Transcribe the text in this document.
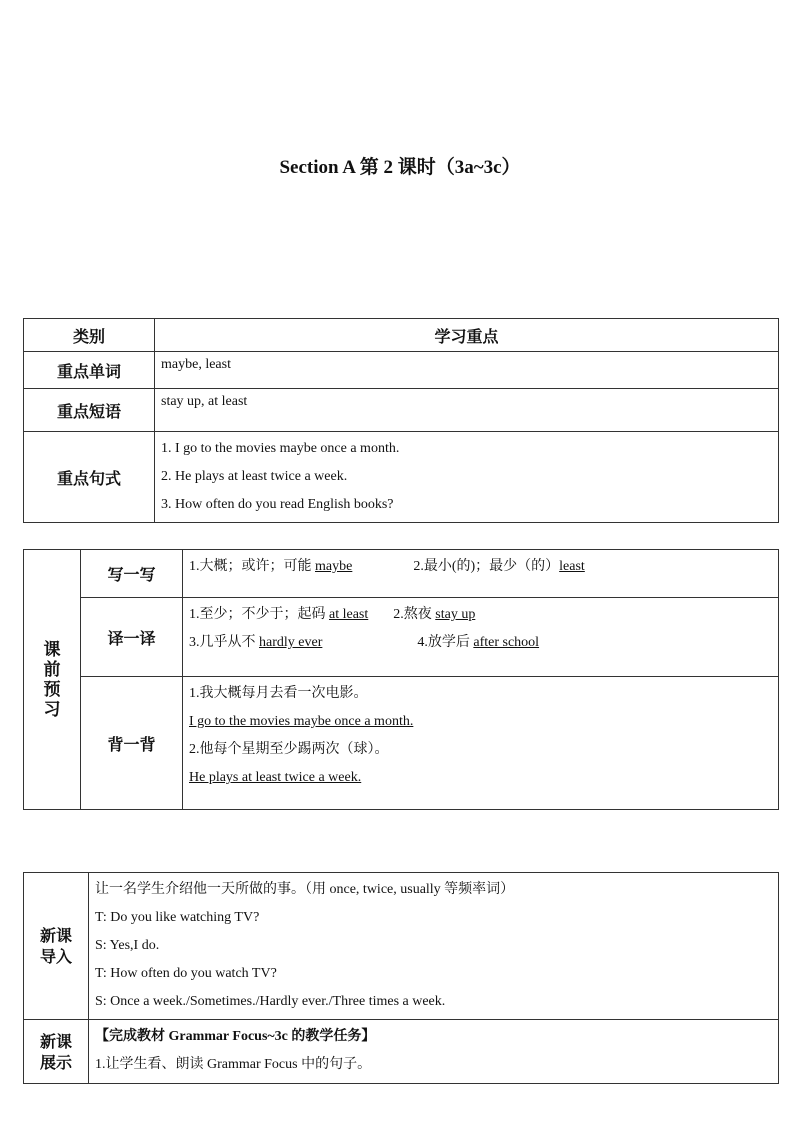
Section A 第 2 课时（3a~3c）
类别	学习重点
重点单词	maybe, least

重点短语	stay up, at least

重点句式	1. I go to the movies maybe once a month.
2. He plays at least twice a week.
3. How often do you read English books?
课
前
预
习	写一写	1.大概；或许；可能 maybe 2.最小(的)；最少（的）least

	译一译	1.至少；不少于；起码 at least 2.熬夜 stay up
3.几乎从不 hardly ever 4.放学后 after school

	背一背	1.我大概每月去看一次电影。
I go to the movies maybe once a month.
2.他每个星期至少踢两次（球）。
He plays at least twice a week.
新课
导入	让一名学生介绍他一天所做的事。（用 once, twice, usually 等频率词）
T: Do you like watching TV?
S: Yes,I do.
T: How often do you watch TV?
S: Once a week./Sometimes./Hardly ever./Three times a week.

新课
展示	【完成教材 Grammar Focus~3c 的教学任务】
1.让学生看、朗读 Grammar Focus 中的句子。
